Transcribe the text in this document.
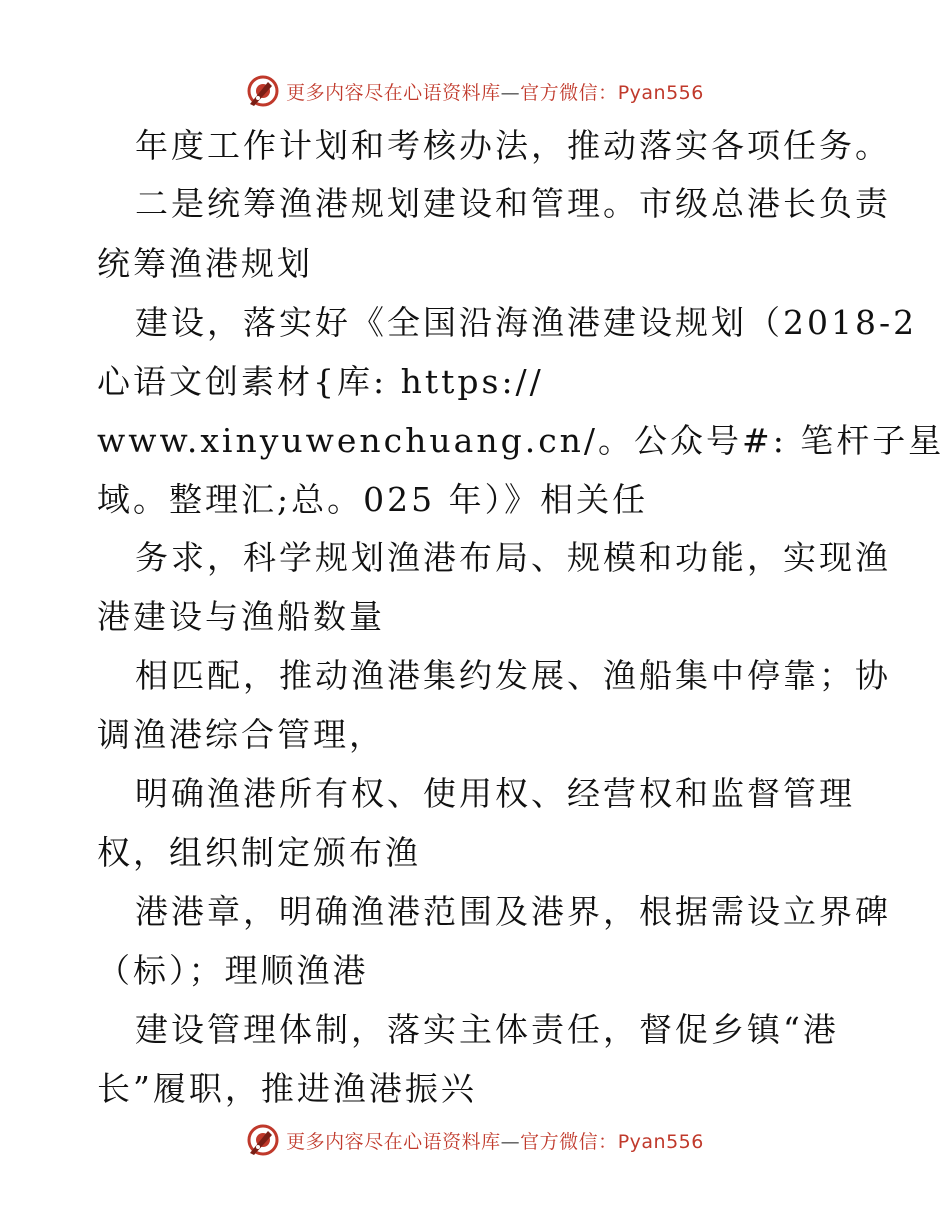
更多内容尽在心语资料库—官方微信：Pyan556
年度工作计划和考核办法，推动落实各项任务。
二是统筹渔港规划建设和管理。市级总港长负责
统筹渔港规划
建设，落实好《全国沿海渔港建设规划（2018-2
心语文创素材{库: https://
www.xinyuwenchuang.cn/。公众号#: 笔杆子星
域。整理汇;总。025 年）》相关任
务求，科学规划渔港布局、规模和功能，实现渔
港建设与渔船数量
相匹配，推动渔港集约发展、渔船集中停靠；协
调渔港综合管理，
明确渔港所有权、使用权、经营权和监督管理
权，组织制定颁布渔
港港章，明确渔港范围及港界，根据需设立界碑
（标）；理顺渔港
建设管理体制，落实主体责任，督促乡镇“港
长”履职，推进渔港振兴
更多内容尽在心语资料库—官方微信：Pyan556
